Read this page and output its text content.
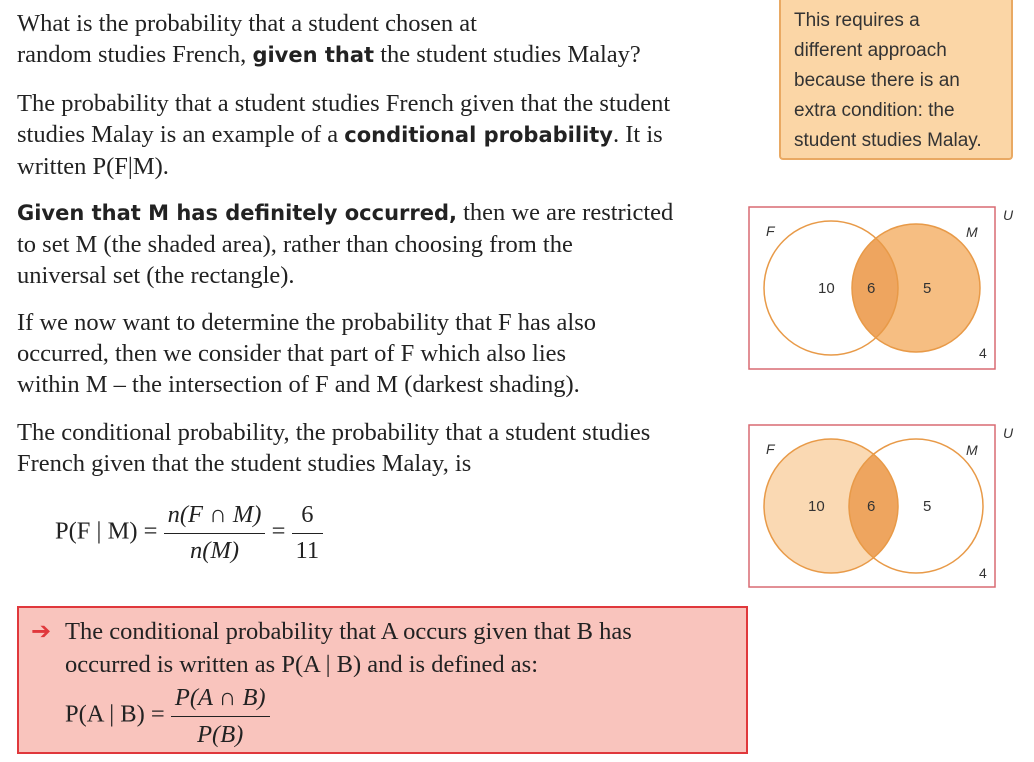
What is the probability that a student chosen at
random studies French, given that the student studies Malay?

The probability that a student studies French given that the student
studies Malay is an example of a conditional probability. It is
written P(F|M).

Given that M has definitely occurred, then we are restricted
to set M (the shaded area), rather than choosing from the
universal set (the rectangle).

If we now want to determine the probability that F has also
occurred, then we consider that part of F which also lies
within M – the intersection of F and M (darkest shading).

The conditional probability, the probability that a student studies
French given that the student studies Malay, is

P(F | $M) = \frac{n(F \cap M)}{n(M)} = \frac{6}{11}$
This requires a
different approach
because there is an
extra condition: the
student studies Malay.
F	M
U
10 6	5
4
F	M
U
10	6	5
4
➔ The conditional probability that A occurs given that B has
occurred is written as P(A | B) and is defined as:
P(A | $B) = \frac{P(A \cap B)}{P(B)}$
